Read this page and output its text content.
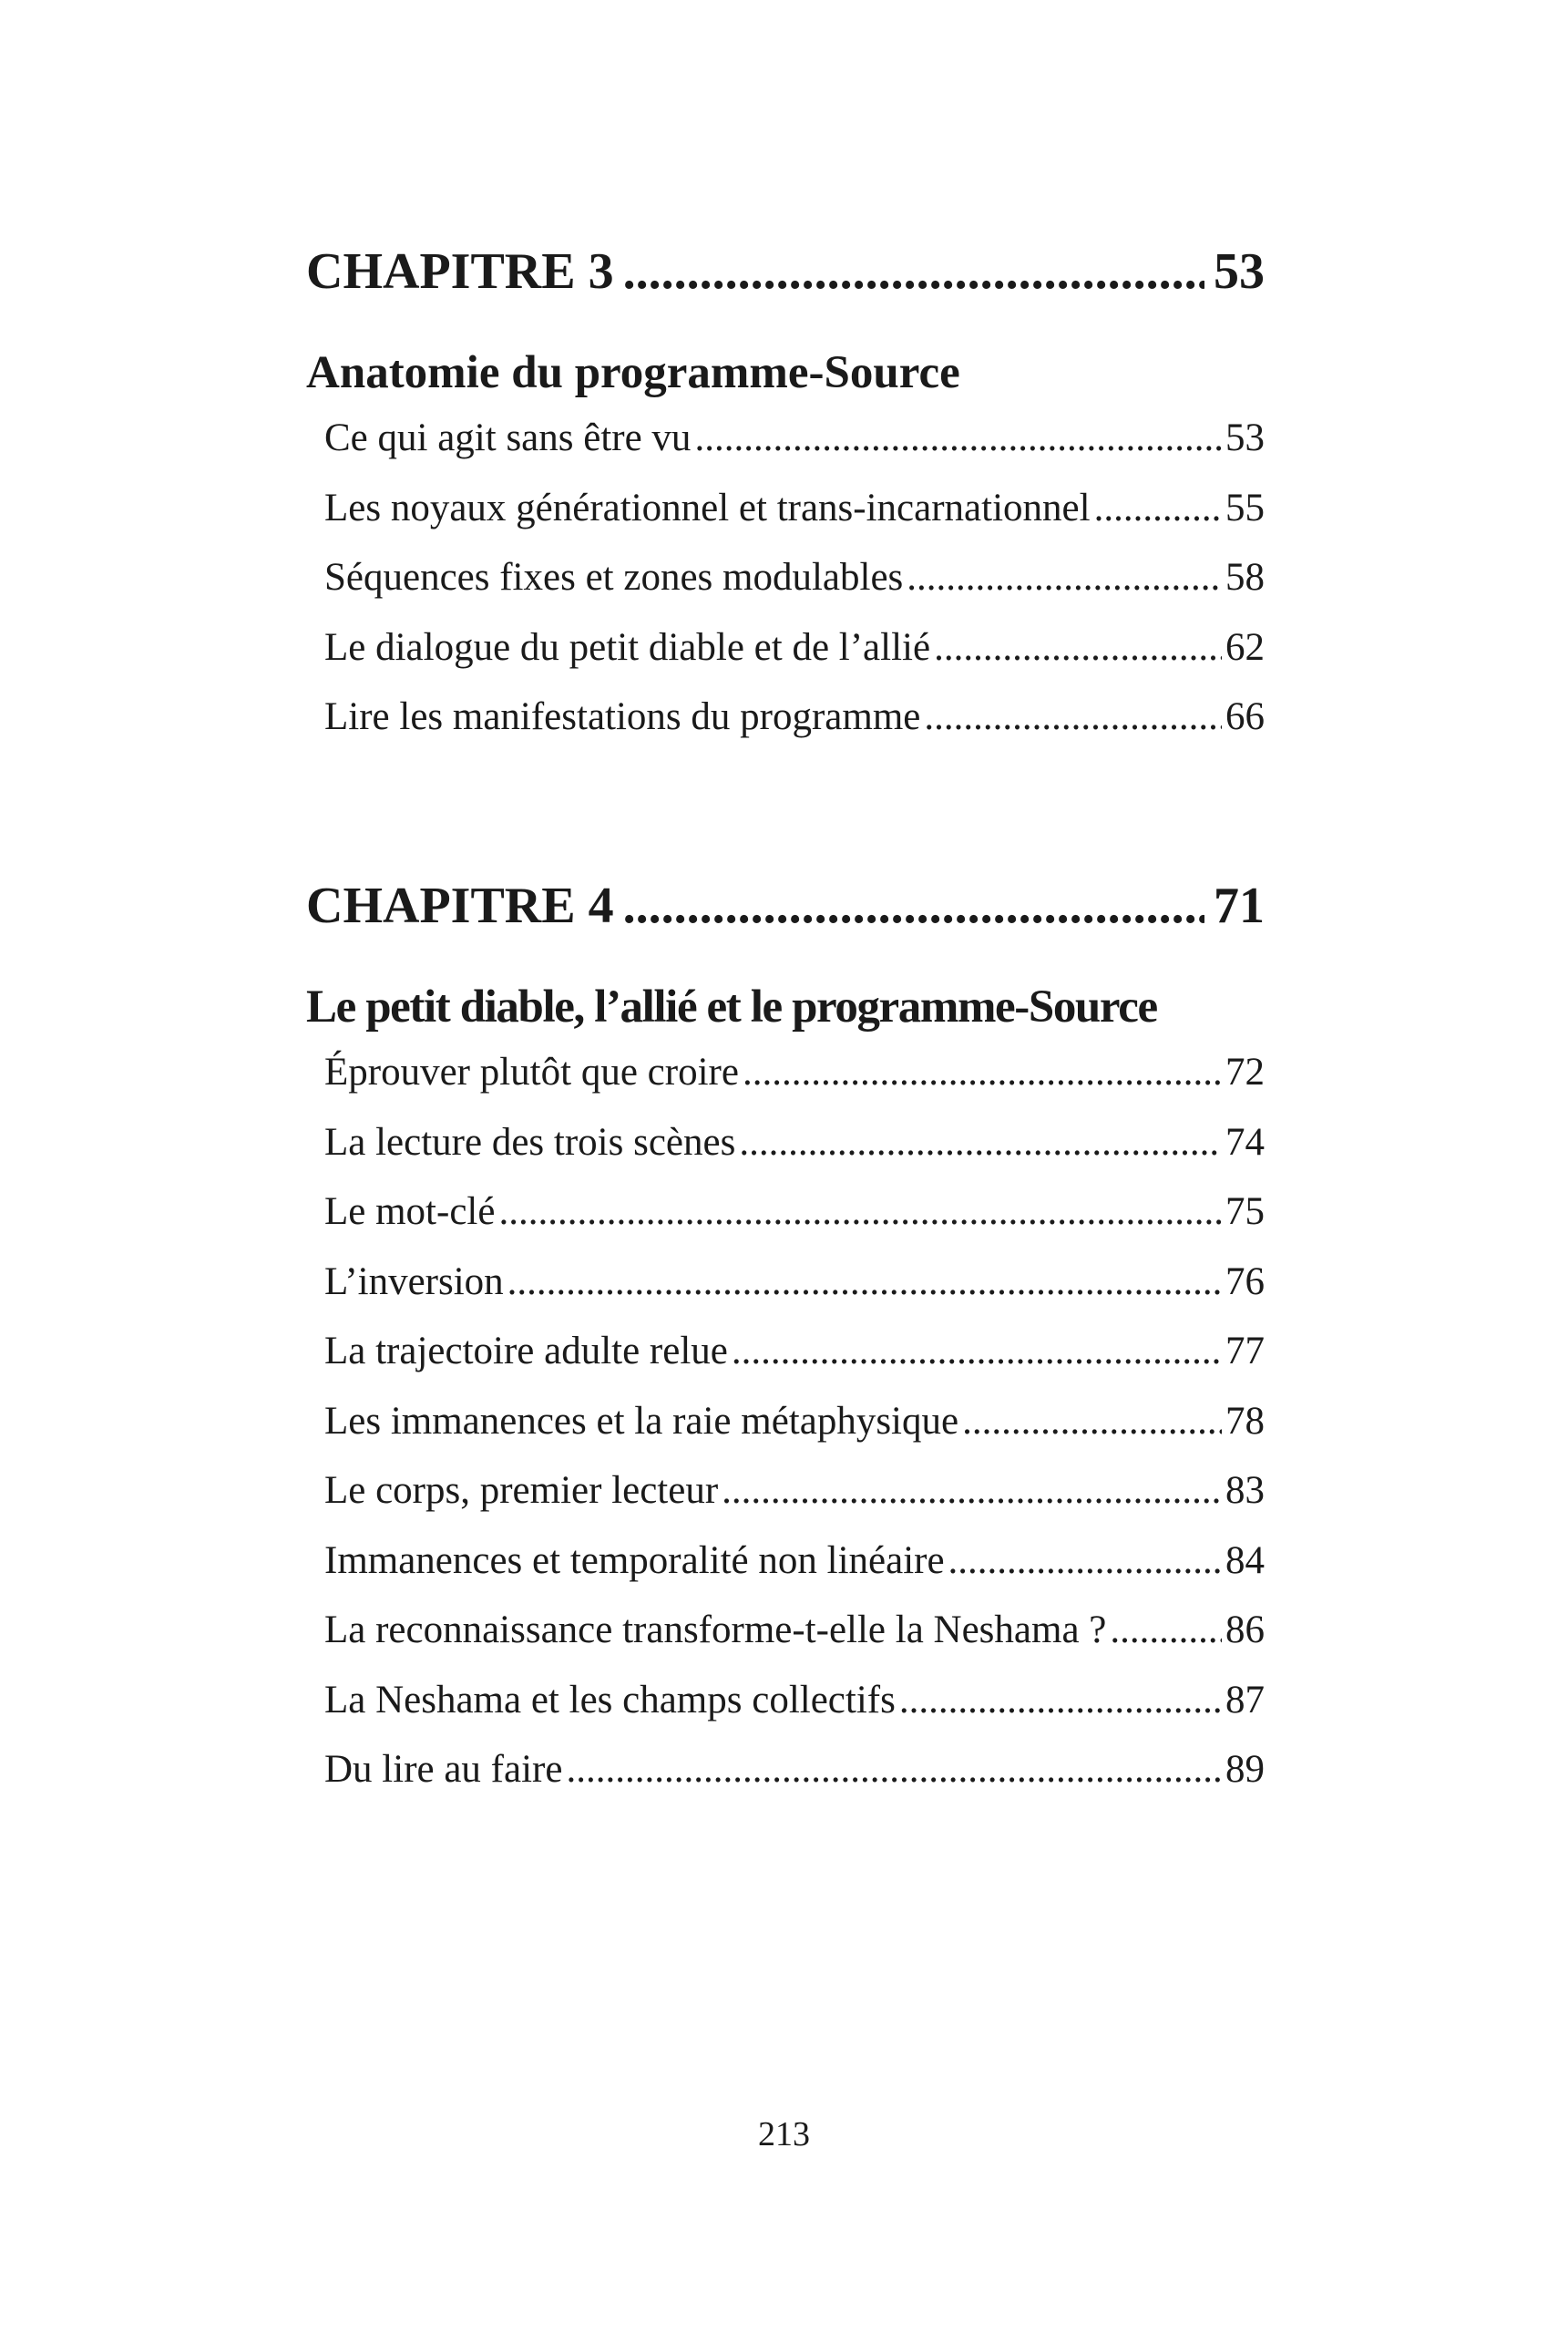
CHAPITRE 3 .....	53
Anatomie du programme-Source
Ce qui agit sans être vu .....	53
Les noyaux générationnel et trans-incarnationnel .....	55
Séquences fixes et zones modulables .....	58
Le dialogue du petit diable et de l’allié .....	62
Lire les manifestations du programme .....	66
CHAPITRE 4 .....	71
Le petit diable, l’allié et le programme-Source
Éprouver plutôt que croire .....	72
La lecture des trois scènes .....	74
Le mot-clé .....	75
L’inversion .....	76
La trajectoire adulte relue .....	77
Les immanences et la raie métaphysique .....	78
Le corps, premier lecteur .....	83
Immanences et temporalité non linéaire .....	84
La reconnaissance transforme-t-elle la Neshama ? .....	86
La Neshama et les champs collectifs .....	87
Du lire au faire .....	89
213
